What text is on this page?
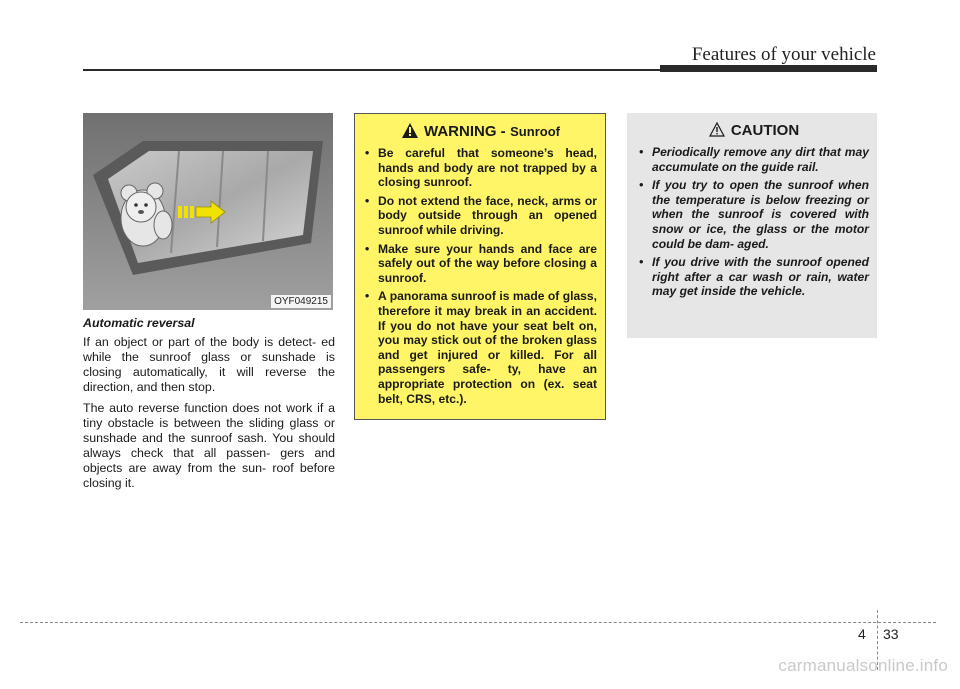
Features of your vehicle
OYF049215
Automatic reversal

If an object or part of the body is detect- ed while the sunroof glass or sunshade is closing automatically, it will reverse the direction, and then stop.

The auto reverse function does not work if a tiny obstacle is between the sliding glass or sunshade and the sunroof sash. You should always check that all passen- gers and objects are away from the sun- roof before closing it.

WARNING - Sunroof
• Be careful that someone’s head, hands and body are not trapped by a closing sunroof.
• Do not extend the face, neck, arms or body outside through an opened sunroof while driving.
• Make sure your hands and face are safely out of the way before closing a sunroof.
• A panorama sunroof is made of glass, therefore it may break in an accident. If you do not have your seat belt on, you may stick out of the broken glass and get injured or killed. For all passengers safe- ty, have an appropriate protection on (ex. seat belt, CRS, etc.).
CAUTION
• Periodically remove any dirt that may accumulate on the guide rail.
• If you try to open the sunroof when the temperature is below freezing or when the sunroof is covered with snow or ice, the glass or the motor could be dam- aged.
• If you drive with the sunroof opened right after a car wash or rain, water may get inside the vehicle.
4 33
carmanualsonline.info
